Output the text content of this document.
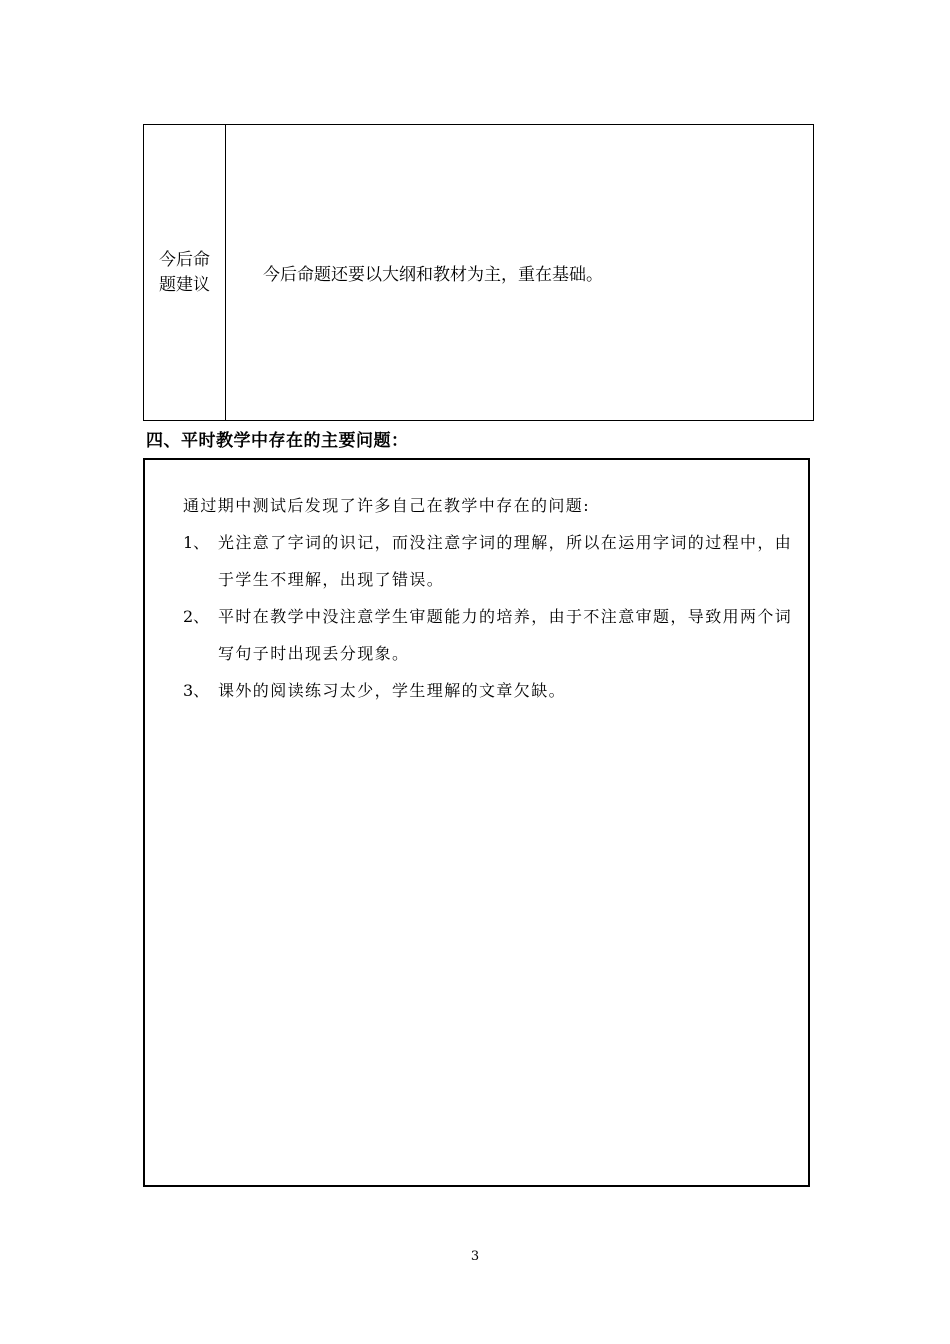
今后命题建议	今后命题还要以大纲和教材为主，重在基础。
四、平时教学中存在的主要问题：
通过期中测试后发现了许多自己在教学中存在的问题:
1、 光注意了字词的识记，而没注意字词的理解，所以在运用字词的过程中，由于学生不理解，出现了错误。
2、 平时在教学中没注意学生审题能力的培养，由于不注意审题，导致用两个词写句子时出现丢分现象。
3、 课外的阅读练习太少，学生理解的文章欠缺。
3
